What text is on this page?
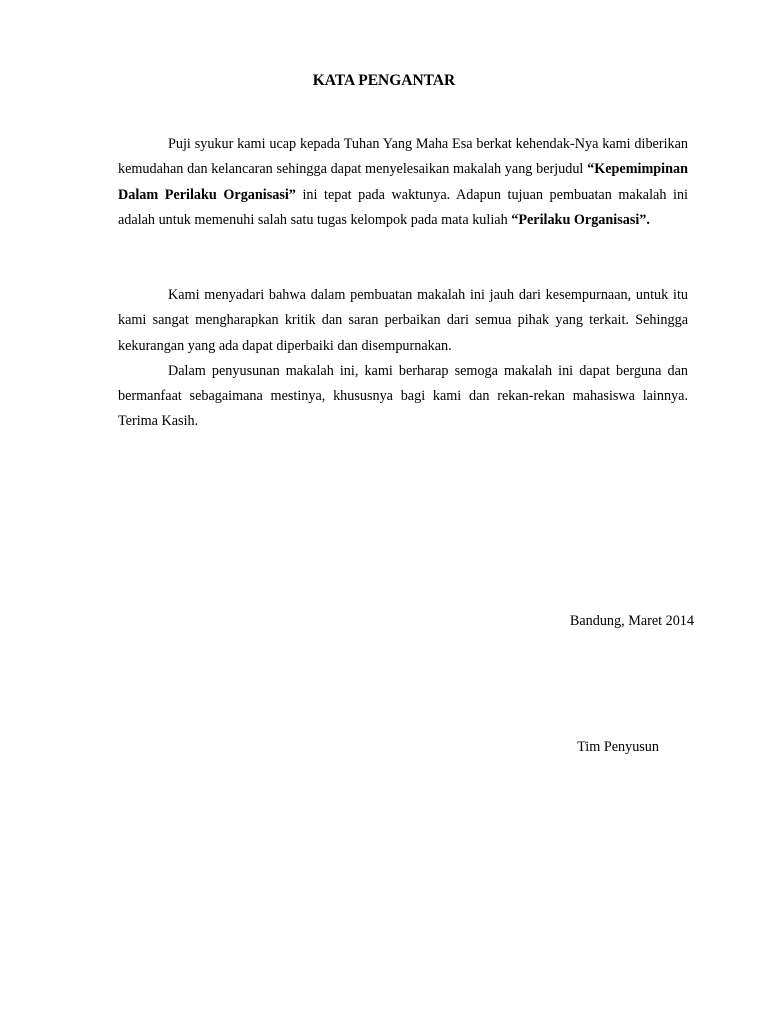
KATA PENGANTAR

Puji syukur kami ucap kepada Tuhan Yang Maha Esa berkat kehendak-Nya kami diberikan kemudahan dan kelancaran sehingga dapat menyelesaikan makalah yang berjudul “Kepemimpinan Dalam Perilaku Organisasi” ini tepat pada waktunya. Adapun tujuan pembuatan makalah ini adalah untuk memenuhi salah satu tugas kelompok pada mata kuliah “Perilaku Organisasi”.

Kami menyadari bahwa dalam pembuatan makalah ini jauh dari kesempurnaan, untuk itu kami sangat mengharapkan kritik dan saran perbaikan dari semua pihak yang terkait. Sehingga kekurangan yang ada dapat diperbaiki dan disempurnakan.

Dalam penyusunan makalah ini, kami berharap semoga makalah ini dapat berguna dan bermanfaat sebagaimana mestinya, khususnya bagi kami dan rekan-rekan mahasiswa lainnya. Terima Kasih.

Bandung, Maret 2014
Tim Penyusun
